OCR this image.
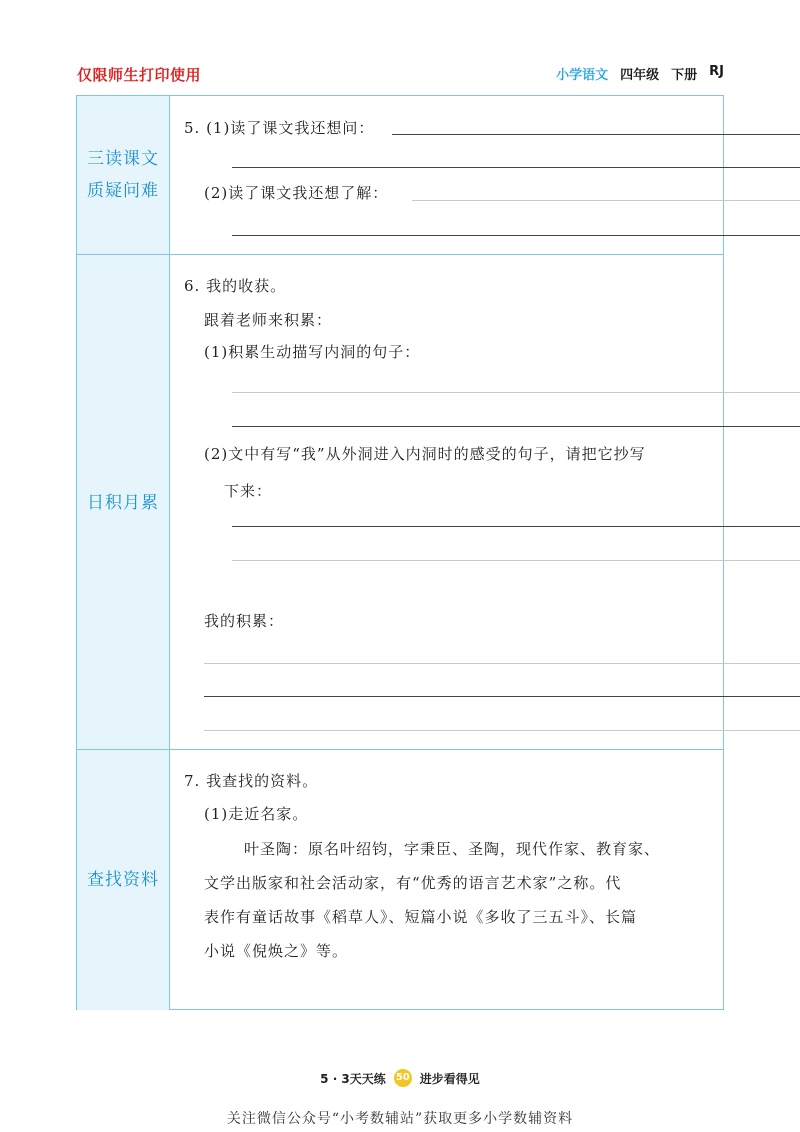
仅限师生打印使用	小学语文 四年级 下册 RJ
三读课文
质疑问难
5. (1)读了课文我还想问：
(2)读了课文我还想了解：
日积月累
6. 我的收获。
跟着老师来积累：
(1)积累生动描写内洞的句子：
(2)文中有写“我”从外洞进入内洞时的感受的句子，请把它抄写
下来：
我的积累：
查找资料
7. 我查找的资料。
(1)走近名家。
叶圣陶：原名叶绍钧，字秉臣、圣陶，现代作家、教育家、
文学出版家和社会活动家，有“优秀的语言艺术家”之称。代
表作有童话故事《稻草人》、短篇小说《多收了三五斗》、长篇
小说《倪焕之》等。
5 · 3天天练 50 进步看得见
关注微信公众号“小考数辅站”获取更多小学数辅资料
